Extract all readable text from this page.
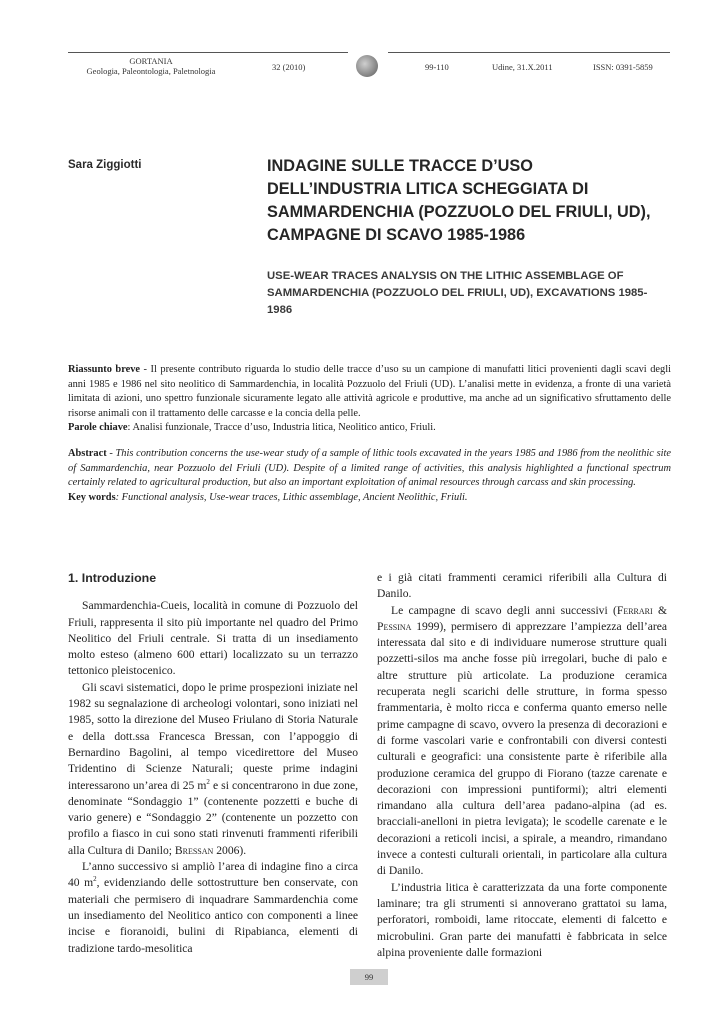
GORTANIA
Geologia, Paleontologia, Paletnologia	32 (2010)	99-110	Udine, 31.X.2011	ISSN: 0391-5859
Sara Ziggiotti	INDAGINE SULLE TRACCE D’USO DELL’INDUSTRIA LITICA SCHEGGIATA DI SAMMARDENCHIA (POZZUOLO DEL FRIULI, UD), CAMPAGNE DI SCAVO 1985-1986
USE-WEAR TRACES ANALYSIS ON THE LITHIC ASSEMBLAGE OF SAMMARDENCHIA (POZZUOLO DEL FRIULI, UD), EXCAVATIONS 1985-1986

Riassunto breve - Il presente contributo riguarda lo studio delle tracce d’uso su un campione di manufatti litici provenienti dagli scavi degli anni 1985 e 1986 nel sito neolitico di Sammardenchia, in località Pozzuolo del Friuli (UD). L’analisi mette in evidenza, a fronte di una varietà limitata di azioni, uno spettro funzionale sicuramente legato alle attività agricole e produttive, ma anche ad un significativo sfruttamento delle risorse animali con il trattamento delle carcasse e la concia della pelle.

Parole chiave: Analisi funzionale, Tracce d’uso, Industria litica, Neolitico antico, Friuli.

Abstract - This contribution concerns the use-wear study of a sample of lithic tools excavated in the years 1985 and 1986 from the neolithic site of Sammardenchia, near Pozzuolo del Friuli (UD). Despite of a limited range of activities, this analysis highlighted a functional spectrum certainly related to agricultural production, but also an important exploitation of animal resources through carcass and skin processing.

Key words: Functional analysis, Use-wear traces, Lithic assemblage, Ancient Neolithic, Friuli.

1. Introduzione

Sammardenchia-Cueis, località in comune di Pozzuolo del Friuli, rappresenta il sito più importante nel quadro del Primo Neolitico del Friuli centrale. Si tratta di un insediamento molto esteso (almeno 600 ettari) localizzato su un terrazzo tettonico pleistocenico.

Gli scavi sistematici, dopo le prime prospezioni iniziate nel 1982 su segnalazione di archeologi volontari, sono iniziati nel 1985, sotto la direzione del Museo Friulano di Storia Naturale e della dott.ssa Francesca Bressan, con l’appoggio di Bernardino Bagolini, al tempo vicedirettore del Museo Tridentino di Scienze Naturali; queste prime indagini interessarono un’area di 25 $m^2$ e si concentrarono in due zone, denominate “Sondaggio 1” (contenente pozzetti e buche di vario genere) e “Sondaggio 2” (contenente un pozzetto con profilo a fiasco in cui sono stati rinvenuti frammenti riferibili alla Cultura di Danilo; Bressan 2006).

L’anno successivo si ampliò l’area di indagine fino a circa 40 $m^2$, evidenziando delle sottostrutture ben conservate, con materiali che permisero di inquadrare Sammardenchia come un insediamento del Neolitico antico con componenti a linee incise e fioranoidi, bulini di Ripabianca, elementi di tradizione tardo-mesolitica

e i già citati frammenti ceramici riferibili alla Cultura di Danilo.

Le campagne di scavo degli anni successivi (Ferrari & Pessina 1999), permisero di apprezzare l’ampiezza dell’area interessata dal sito e di individuare numerose strutture quali pozzetti-silos ma anche fosse più irregolari, buche di palo e altre strutture più articolate. La produzione ceramica recuperata negli scarichi delle strutture, in forma spesso frammentaria, è molto ricca e conferma quanto emerso nelle prime campagne di scavo, ovvero la presenza di decorazioni e di forme vascolari varie e confrontabili con diversi contesti culturali e geografici: una consistente parte è riferibile alla produzione ceramica del gruppo di Fiorano (tazze carenate e decorazioni con impressioni puntiformi); altri elementi rimandano alla cultura dell’area padano-alpina (ad es. bracciali-anelloni in pietra levigata); le scodelle carenate e le decorazioni a reticoli incisi, a spirale, a meandro, rimandano invece a contesti culturali orientali, in particolare alla cultura di Danilo.

L’industria litica è caratterizzata da una forte componente laminare; tra gli strumenti si annoverano grattatoi su lama, perforatori, romboidi, lame ritoccate, elementi di falcetto e microbulini. Gran parte dei manufatti è fabbricata in selce alpina proveniente dalle formazioni

99
